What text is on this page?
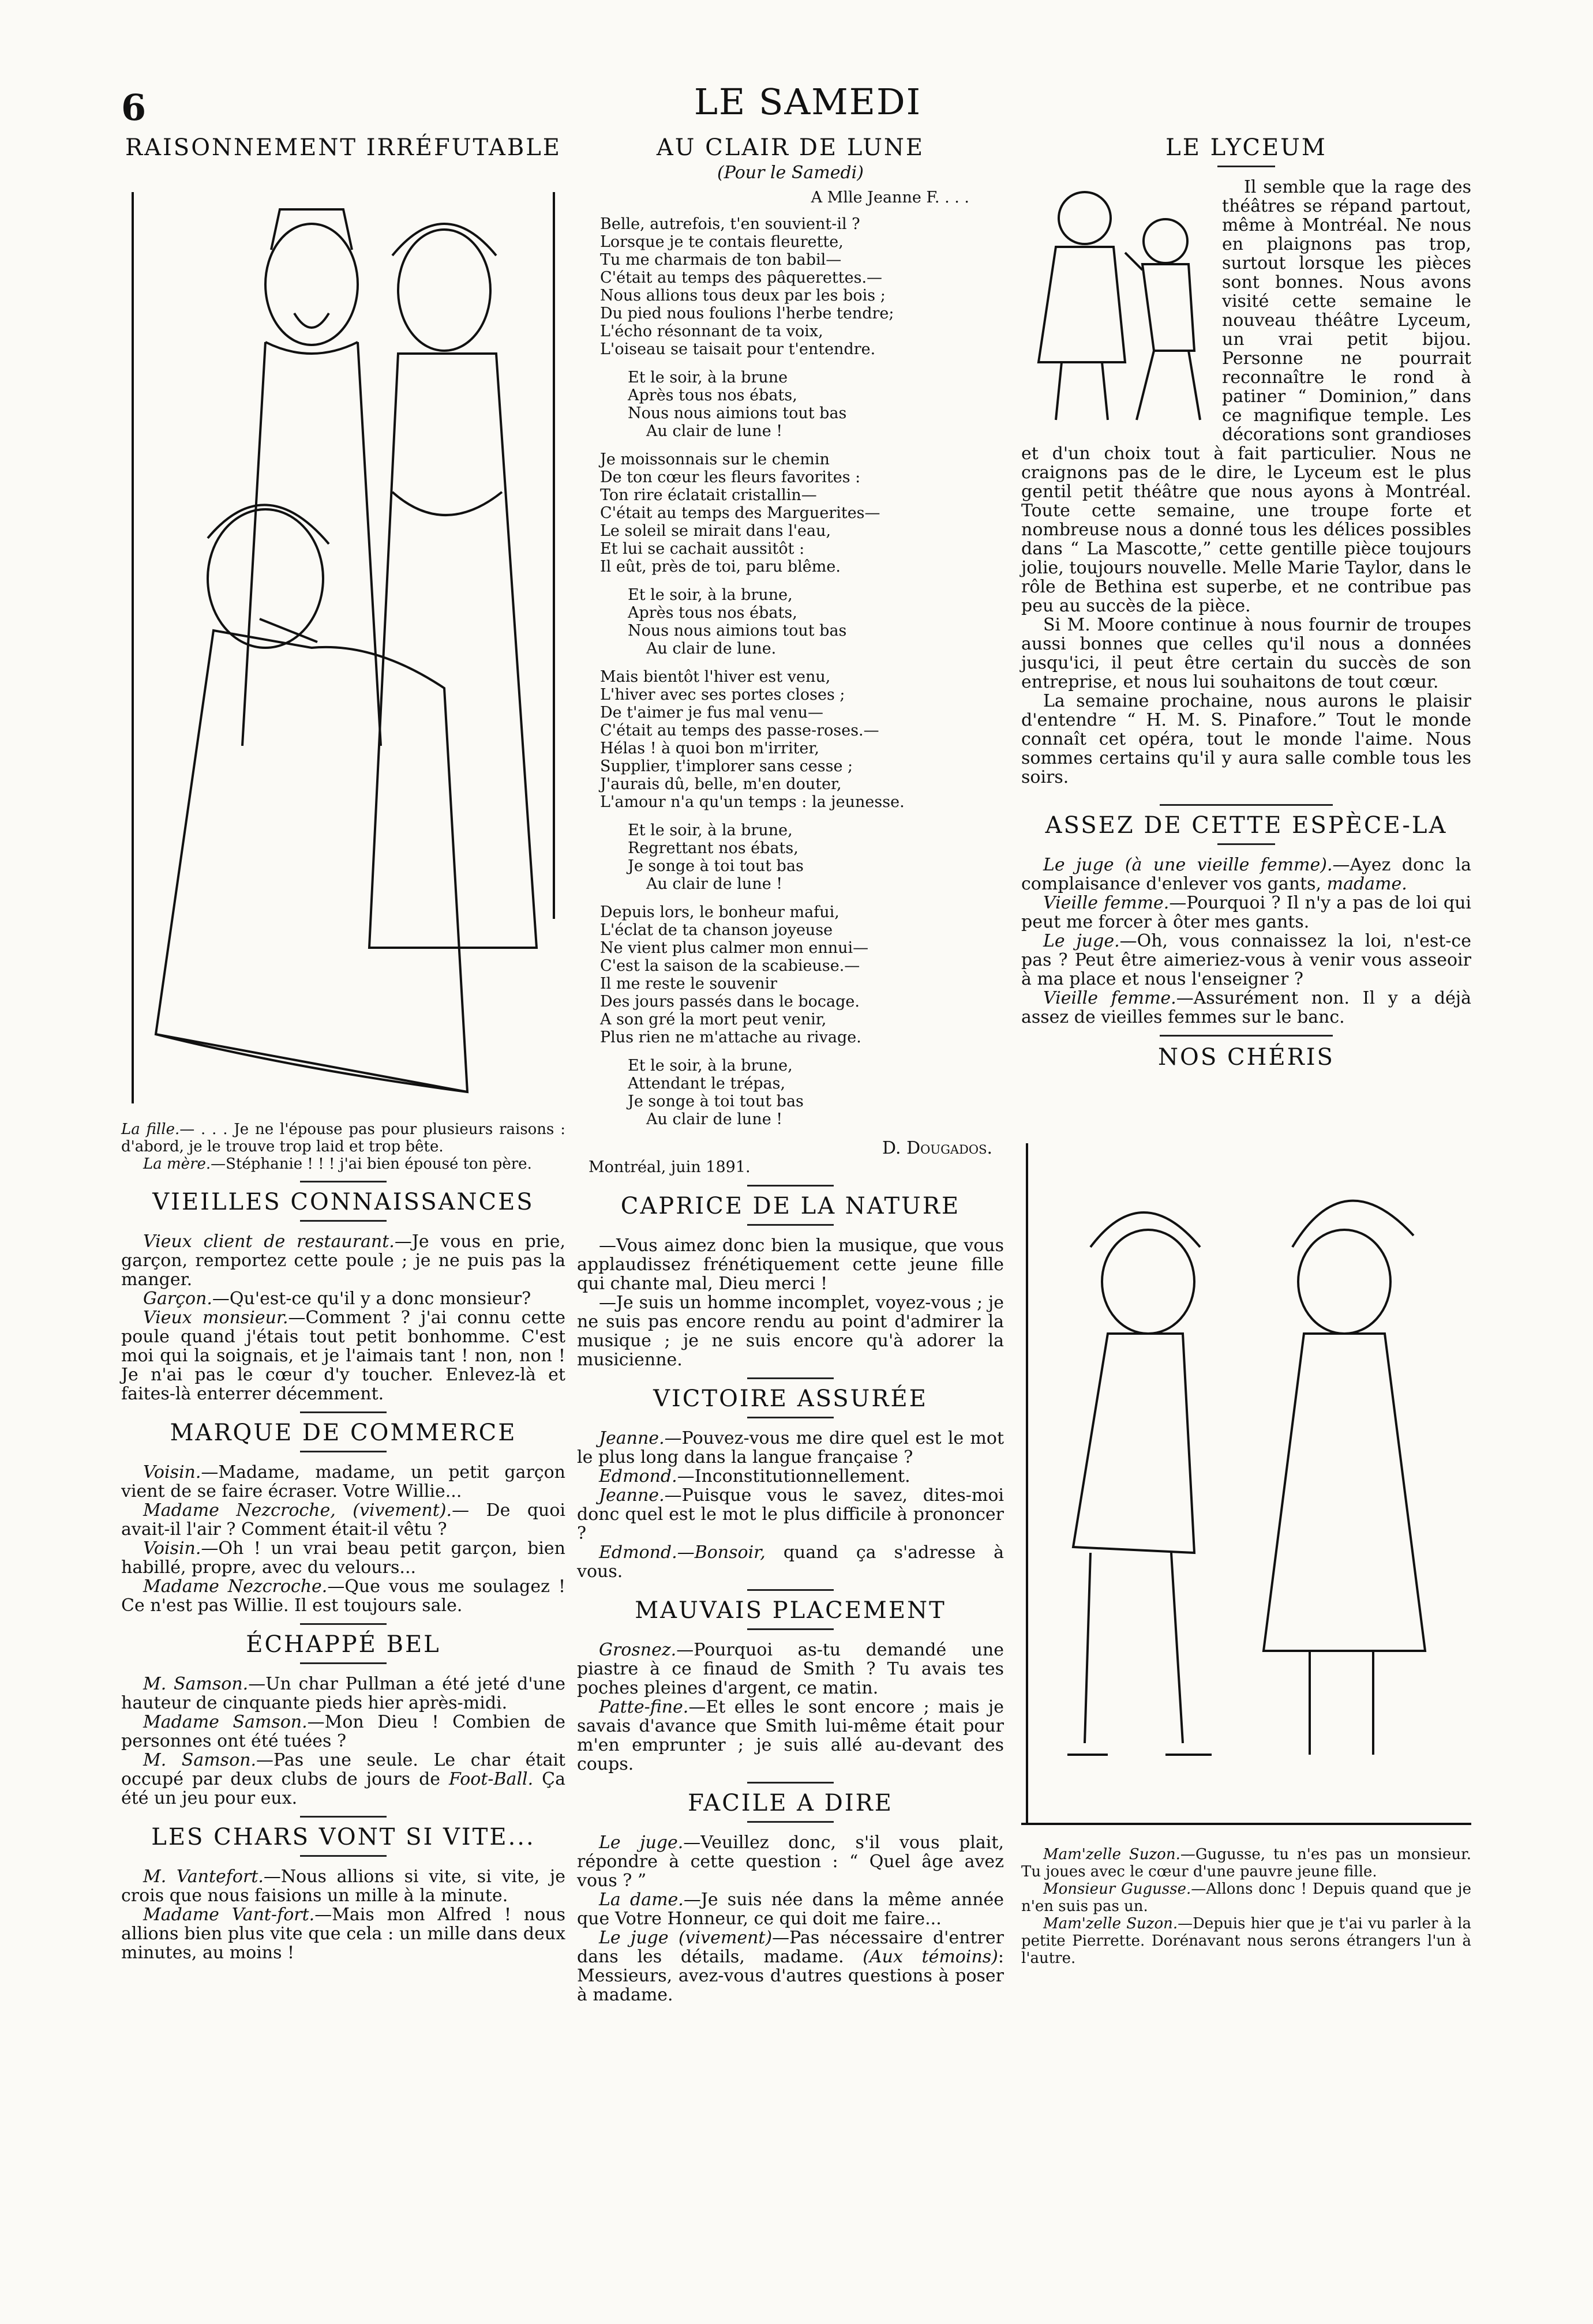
6	LE SAMEDI
RAISONNEMENT IRRÉFUTABLE
La fille.— . . . Je ne l'épouse pas pour plusieurs raisons : d'abord, je le trouve trop laid et trop bête.
La mère.—Stéphanie ! ! ! j'ai bien épousé ton père.
VIEILLES CONNAISSANCES

Vieux client de restaurant.—Je vous en prie, garçon, remportez cette poule ; je ne puis pas la manger.

Garçon.—Qu'est-ce qu'il y a donc monsieur?

Vieux monsieur.—Comment ? j'ai connu cette poule quand j'étais tout petit bonhomme. C'est moi qui la soignais, et je l'aimais tant ! non, non ! Je n'ai pas le cœur d'y toucher. Enlevez-là et faites-là enterrer décemment.

MARQUE DE COMMERCE

Voisin.—Madame, madame, un petit garçon vient de se faire écraser. Votre Willie...

Madame Nezcroche, (vivement).— De quoi avait-il l'air ? Comment était-il vêtu ?

Voisin.—Oh ! un vrai beau petit garçon, bien habillé, propre, avec du velours...

Madame Nezcroche.—Que vous me soulagez ! Ce n'est pas Willie. Il est toujours sale.

ÉCHAPPÉ BEL

M. Samson.—Un char Pullman a été jeté d'une hauteur de cinquante pieds hier après-midi.

Madame Samson.—Mon Dieu ! Combien de personnes ont été tuées ?

M. Samson.—Pas une seule. Le char était occupé par deux clubs de jours de Foot-Ball. Ça été un jeu pour eux.

LES CHARS VONT SI VITE...

M. Vantefort.—Nous allions si vite, si vite, je crois que nous faisions un mille à la minute.

Madame Vant-fort.—Mais mon Alfred ! nous allions bien plus vite que cela : un mille dans deux minutes, au moins !

AU CLAIR DE LUNE
(Pour le Samedi)
A Mlle Jeanne F. . . .

Belle, autrefois, t'en souvient-il ?

Lorsque je te contais fleurette,

Tu me charmais de ton babil—

C'était au temps des pâquerettes.—

Nous allions tous deux par les bois ;

Du pied nous foulions l'herbe tendre;

L'écho résonnant de ta voix,

L'oiseau se taisait pour t'entendre.

Et le soir, à la brune

Après tous nos ébats,

Nous nous aimions tout bas

Au clair de lune !

Je moissonnais sur le chemin

De ton cœur les fleurs favorites :

Ton rire éclatait cristallin—

C'était au temps des Marguerites—

Le soleil se mirait dans l'eau,

Et lui se cachait aussitôt :

Il eût, près de toi, paru blême.

Et le soir, à la brune,

Après tous nos ébats,

Nous nous aimions tout bas

Au clair de lune.

Mais bientôt l'hiver est venu,

L'hiver avec ses portes closes ;

De t'aimer je fus mal venu—

C'était au temps des passe-roses.—

Hélas ! à quoi bon m'irriter,

Supplier, t'implorer sans cesse ;

J'aurais dû, belle, m'en douter,

L'amour n'a qu'un temps : la jeunesse.

Et le soir, à la brune,

Regrettant nos ébats,

Je songe à toi tout bas

Au clair de lune !

Depuis lors, le bonheur mafui,

L'éclat de ta chanson joyeuse

Ne vient plus calmer mon ennui—

C'est la saison de la scabieuse.—

Il me reste le souvenir

Des jours passés dans le bocage.

A son gré la mort peut venir,

Plus rien ne m'attache au rivage.

Et le soir, à la brune,

Attendant le trépas,

Je songe à toi tout bas

Au clair de lune !

D. Dougados.
Montréal, juin 1891.
CAPRICE DE LA NATURE

—Vous aimez donc bien la musique, que vous applaudissez frénétiquement cette jeune fille qui chante mal, Dieu merci !

—Je suis un homme incomplet, voyez-vous ; je ne suis pas encore rendu au point d'admirer la musique ; je ne suis encore qu'à adorer la musicienne.

VICTOIRE ASSURÉE

Jeanne.—Pouvez-vous me dire quel est le mot le plus long dans la langue française ?

Edmond.—Inconstitutionnellement.

Jeanne.—Puisque vous le savez, dites-moi donc quel est le mot le plus difficile à prononcer ?

Edmond.—Bonsoir, quand ça s'adresse à vous.

MAUVAIS PLACEMENT

Grosnez.—Pourquoi as-tu demandé une piastre à ce finaud de Smith ? Tu avais tes poches pleines d'argent, ce matin.

Patte-fine.—Et elles le sont encore ; mais je savais d'avance que Smith lui-même était pour m'en emprunter ; je suis allé au-devant des coups.

FACILE A DIRE

Le juge.—Veuillez donc, s'il vous plait, répondre à cette question : “ Quel âge avez vous ? ”

La dame.—Je suis née dans la même année que Votre Honneur, ce qui doit me faire...

Le juge (vivement)—Pas nécessaire d'entrer dans les détails, madame. (Aux témoins): Messieurs, avez-vous d'autres questions à poser à madame.

LE LYCEUM

Il semble que la rage des théâtres se répand partout, même à Montréal. Ne nous en plaignons pas trop, surtout lorsque les pièces sont bonnes. Nous avons visité cette semaine le nouveau théâtre Lyceum, un vrai petit bijou. Personne ne pourrait reconnaître le rond à patiner “ Dominion,” dans ce magnifique temple. Les décorations sont grandioses et d'un choix tout à fait particulier. Nous ne craignons pas de le dire, le Lyceum est le plus gentil petit théâtre que nous ayons à Montréal. Toute cette semaine, une troupe forte et nombreuse nous a donné tous les délices possibles dans “ La Mascotte,” cette gentille pièce toujours jolie, toujours nouvelle. Melle Marie Taylor, dans le rôle de Bethina est superbe, et ne contribue pas peu au succès de la pièce.

Si M. Moore continue à nous fournir de troupes aussi bonnes que celles qu'il nous a données jusqu'ici, il peut être certain du succès de son entreprise, et nous lui souhaitons de tout cœur.

La semaine prochaine, nous aurons le plaisir d'entendre “ H. M. S. Pinafore.” Tout le monde connaît cet opéra, tout le monde l'aime. Nous sommes certains qu'il y aura salle comble tous les soirs.

ASSEZ DE CETTE ESPÈCE-LA

Le juge (à une vieille femme).—Ayez donc la complaisance d'enlever vos gants, madame.

Vieille femme.—Pourquoi ? Il n'y a pas de loi qui peut me forcer à ôter mes gants.

Le juge.—Oh, vous connaissez la loi, n'est-ce pas ? Peut être aimeriez-vous à venir vous asseoir à ma place et nous l'enseigner ?

Vieille femme.—Assurément non. Il y a déjà assez de vieilles femmes sur le banc.

NOS CHÉRIS
Mam'zelle Suzon.—Gugusse, tu n'es pas un monsieur. Tu joues avec le cœur d'une pauvre jeune fille.
Monsieur Gugusse.—Allons donc ! Depuis quand que je n'en suis pas un.
Mam'zelle Suzon.—Depuis hier que je t'ai vu parler à la petite Pierrette. Dorénavant nous serons étrangers l'un à l'autre.
